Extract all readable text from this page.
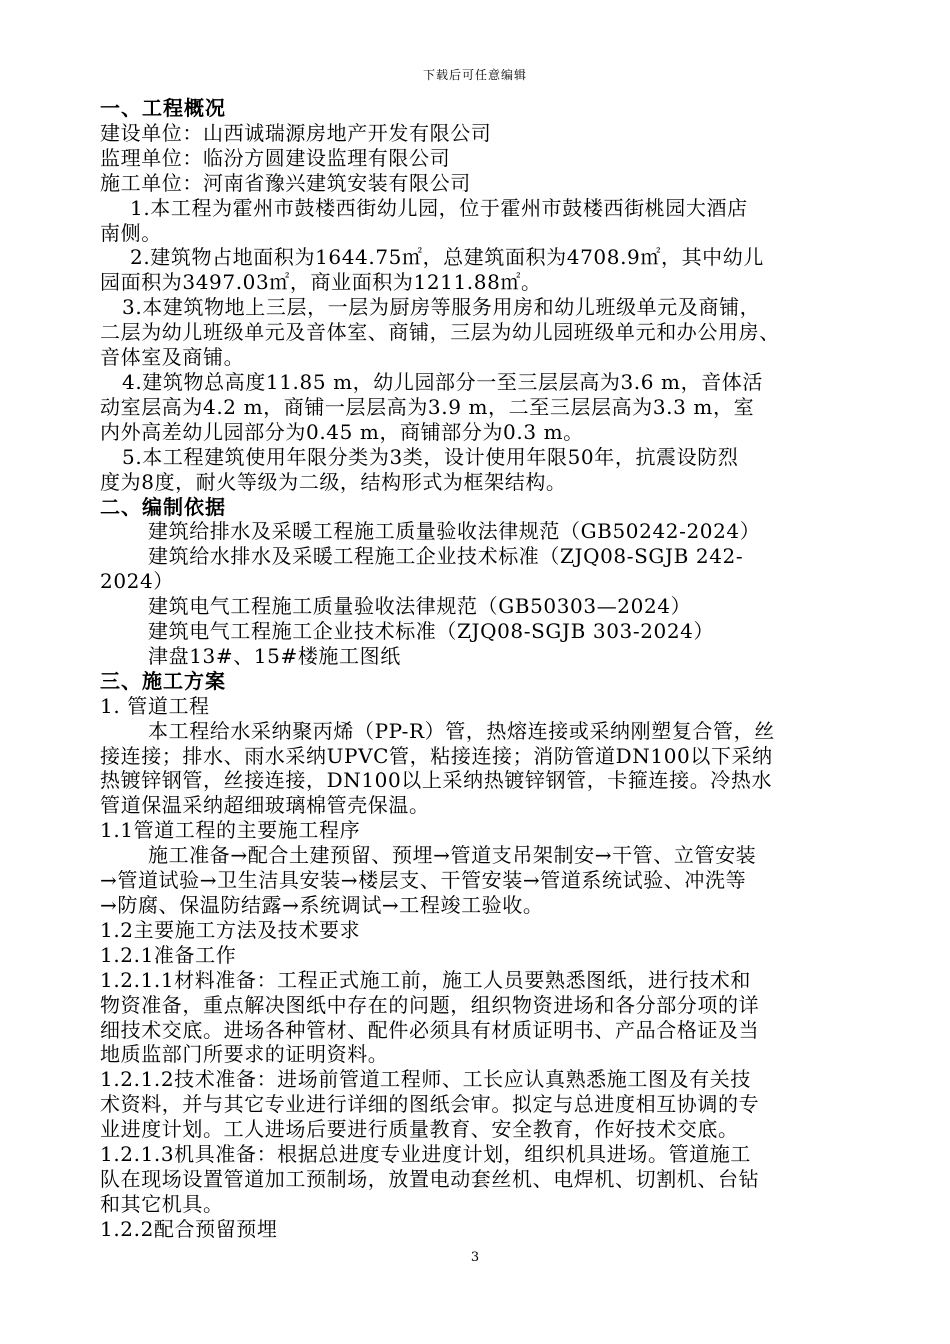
下载后可任意编辑
一、工程概况
建设单位：山西诚瑞源房地产开发有限公司
监理单位：临汾方圆建设监理有限公司
施工单位：河南省豫兴建筑安装有限公司
1.本工程为霍州市鼓楼西街幼儿园，位于霍州市鼓楼西街桃园大酒店
南侧。
2.建筑物占地面积为1644.75㎡，总建筑面积为4708.9㎡，其中幼儿
园面积为3497.03㎡，商业面积为1211.88㎡。
3.本建筑物地上三层，一层为厨房等服务用房和幼儿班级单元及商铺，
二层为幼儿班级单元及音体室、商铺，三层为幼儿园班级单元和办公用房、
音体室及商铺。
4.建筑物总高度11.85 m，幼儿园部分一至三层层高为3.6 m，音体活
动室层高为4.2 m，商铺一层层高为3.9 m，二至三层层高为3.3 m，室
内外高差幼儿园部分为0.45 m，商铺部分为0.3 m。
5.本工程建筑使用年限分类为3类，设计使用年限50年，抗震设防烈
度为8度，耐火等级为二级，结构形式为框架结构。
二、编制依据
建筑给排水及采暖工程施工质量验收法律规范（GB50242-2024）
建筑给水排水及采暖工程施工企业技术标准（ZJQ08-SGJB 242-
2024）
建筑电气工程施工质量验收法律规范（GB50303—2024）
建筑电气工程施工企业技术标准（ZJQ08-SGJB 303-2024）
津盘13#、15#楼施工图纸
三、施工方案
1. 管道工程
本工程给水采纳聚丙烯（PP-R）管，热熔连接或采纳刚塑复合管，丝
接连接；排水、雨水采纳UPVC管，粘接连接；消防管道DN100以下采纳
热镀锌钢管，丝接连接，DN100以上采纳热镀锌钢管，卡箍连接。冷热水
管道保温采纳超细玻璃棉管壳保温。
1.1管道工程的主要施工程序
施工准备→配合土建预留、预埋→管道支吊架制安→干管、立管安装
→管道试验→卫生洁具安装→楼层支、干管安装→管道系统试验、冲洗等
→防腐、保温防结露→系统调试→工程竣工验收。
1.2主要施工方法及技术要求
1.2.1准备工作
1.2.1.1材料准备：工程正式施工前，施工人员要熟悉图纸，进行技术和
物资准备，重点解决图纸中存在的问题，组织物资进场和各分部分项的详
细技术交底。进场各种管材、配件必须具有材质证明书、产品合格证及当
地质监部门所要求的证明资料。
1.2.1.2技术准备：进场前管道工程师、工长应认真熟悉施工图及有关技
术资料，并与其它专业进行详细的图纸会审。拟定与总进度相互协调的专
业进度计划。工人进场后要进行质量教育、安全教育，作好技术交底。
1.2.1.3机具准备：根据总进度专业进度计划，组织机具进场。管道施工
队在现场设置管道加工预制场，放置电动套丝机、电焊机、切割机、台钻
和其它机具。
1.2.2配合预留预埋
3
